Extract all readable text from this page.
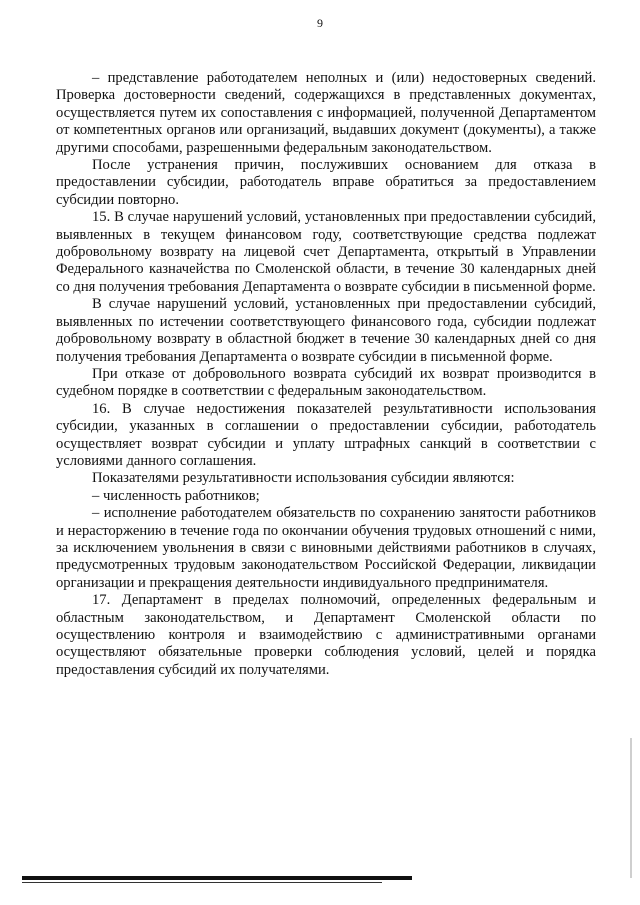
9

– представление работодателем неполных и (или) недостоверных сведений. Проверка достоверности сведений, содержащихся в представленных документах, осуществляется путем их сопоставления с информацией, полученной Департаментом от компетентных органов или организаций, выдавших документ (документы), а также другими способами, разрешенными федеральным законодательством.

После устранения причин, послуживших основанием для отказа в предоставлении субсидии, работодатель вправе обратиться за предоставлением субсидии повторно.

15. В случае нарушений условий, установленных при предоставлении субсидий, выявленных в текущем финансовом году, соответствующие средства подлежат добровольному возврату на лицевой счет Департамента, открытый в Управлении Федерального казначейства по Смоленской области, в течение 30 календарных дней со дня получения требования Департамента о возврате субсидии в письменной форме.

В случае нарушений условий, установленных при предоставлении субсидий, выявленных по истечении соответствующего финансового года, субсидии подлежат добровольному возврату в областной бюджет в течение 30 календарных дней со дня получения требования Департамента о возврате субсидии в письменной форме.

При отказе от добровольного возврата субсидий их возврат производится в судебном порядке в соответствии с федеральным законодательством.

16. В случае недостижения показателей результативности использования субсидии, указанных в соглашении о предоставлении субсидии, работодатель осуществляет возврат субсидии и уплату штрафных санкций в соответствии с условиями данного соглашения.

Показателями результативности использования субсидии являются:

– численность работников;

– исполнение работодателем обязательств по сохранению занятости работников и нерасторжению в течение года по окончании обучения трудовых отношений с ними, за исключением увольнения в связи с виновными действиями работников в случаях, предусмотренных трудовым законодательством Российской Федерации, ликвидации организации и прекращения деятельности индивидуального предпринимателя.

17. Департамент в пределах полномочий, определенных федеральным и областным законодательством, и Департамент Смоленской области по осуществлению контроля и взаимодействию с административными органами осуществляют обязательные проверки соблюдения условий, целей и порядка предоставления субсидий их получателями.
